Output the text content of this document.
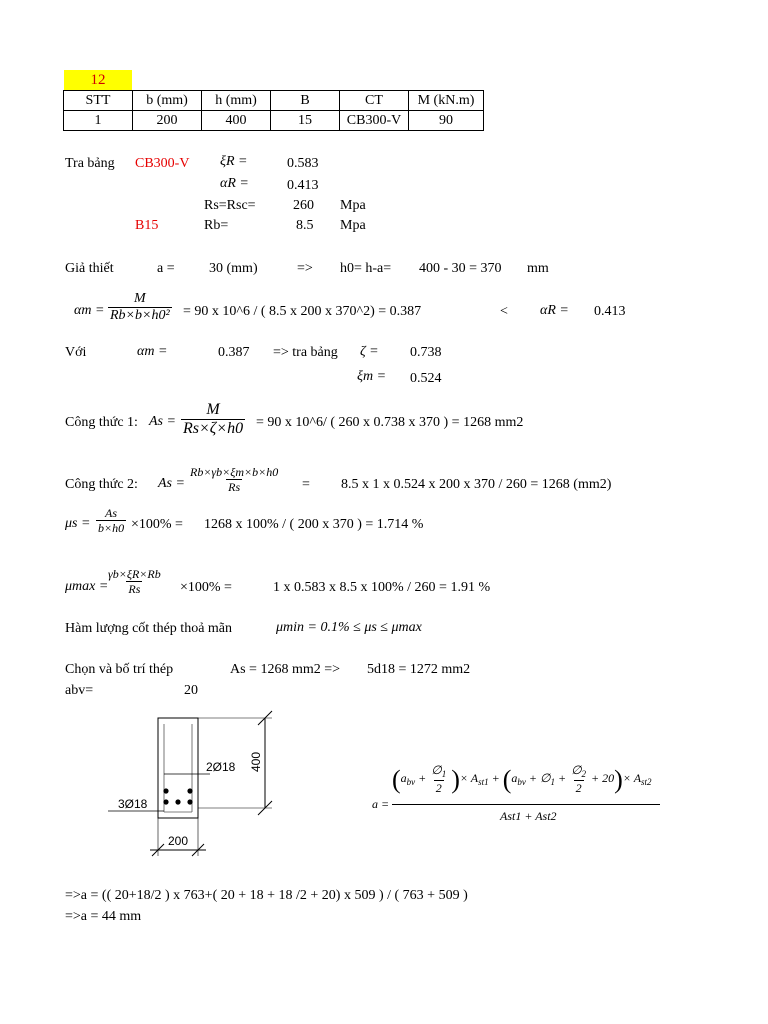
12
STT	b (mm)	h (mm)	B	CT	M (kN.m)
1	200	400	15	CB300-V	90
Tra bảng CB300-V ξR =	0.583
αR =	0.413
Rs=Rsc=	260 Mpa
B15	Rb=	8.5 Mpa
Giả thiết	a = 30 (mm)	=> h0= h-a= 400 - 30 = 370 mm
$\alpha m = \frac{M}{\text{Rb×b×h0²}} = 90$ x 10^6 / ( 8.5 x 200 x 370^2) = 0.387	< αR = 0.413
Với	αm =	0.387 => tra bảng ζ = 0.738
ξm = 0.524
Công thức 1: $As = \frac{M}{Rs\times\zeta\times h0} = 90$ x 10^6/ ( 260 x 0.738 x 370 ) = 1268 mm2
Công thức 2: $As = \frac{Rb\times\gamma b\times\xi m\times b\times h0}{Rs} = 8.5$ x 1 x 0.524 x 200 x 370 / 260 = 1268 (mm2)
$\mu s = \frac{As}{b\times h0} \times 100\% = 1268$ x 100% / ( 200 x 370 ) = 1.714 %
μmax =
$\frac{\gamma b\times\xi R\times Rb}{Rs} \times 100\%$ =	1 x 0.583 x 8.5 x 100% / 260 = 1.91 %
Hàm lượng cốt thép thoả mãn	μmin = 0.1% ≤ μs ≤ μmax
Chọn và bố trí thép	As = 1268 mm2 => 5d18 = 1272 mm2
abv=	20
400
200
2Ø18
3Ø18	a =
($a_{bv} + \frac{\emptyset_1}{2}$ )× $A_{st1} + (a_{bv}$ + $\emptyset_1 + \frac{\emptyset_2}{2} + 20)\times A_{st2}$
Ast1 + Ast2
=>a = (( 20+18/2 ) x 763+( 20 + 18 + 18 /2 + 20) x 509 ) / ( 763 + 509 )
=>a = 44 mm
